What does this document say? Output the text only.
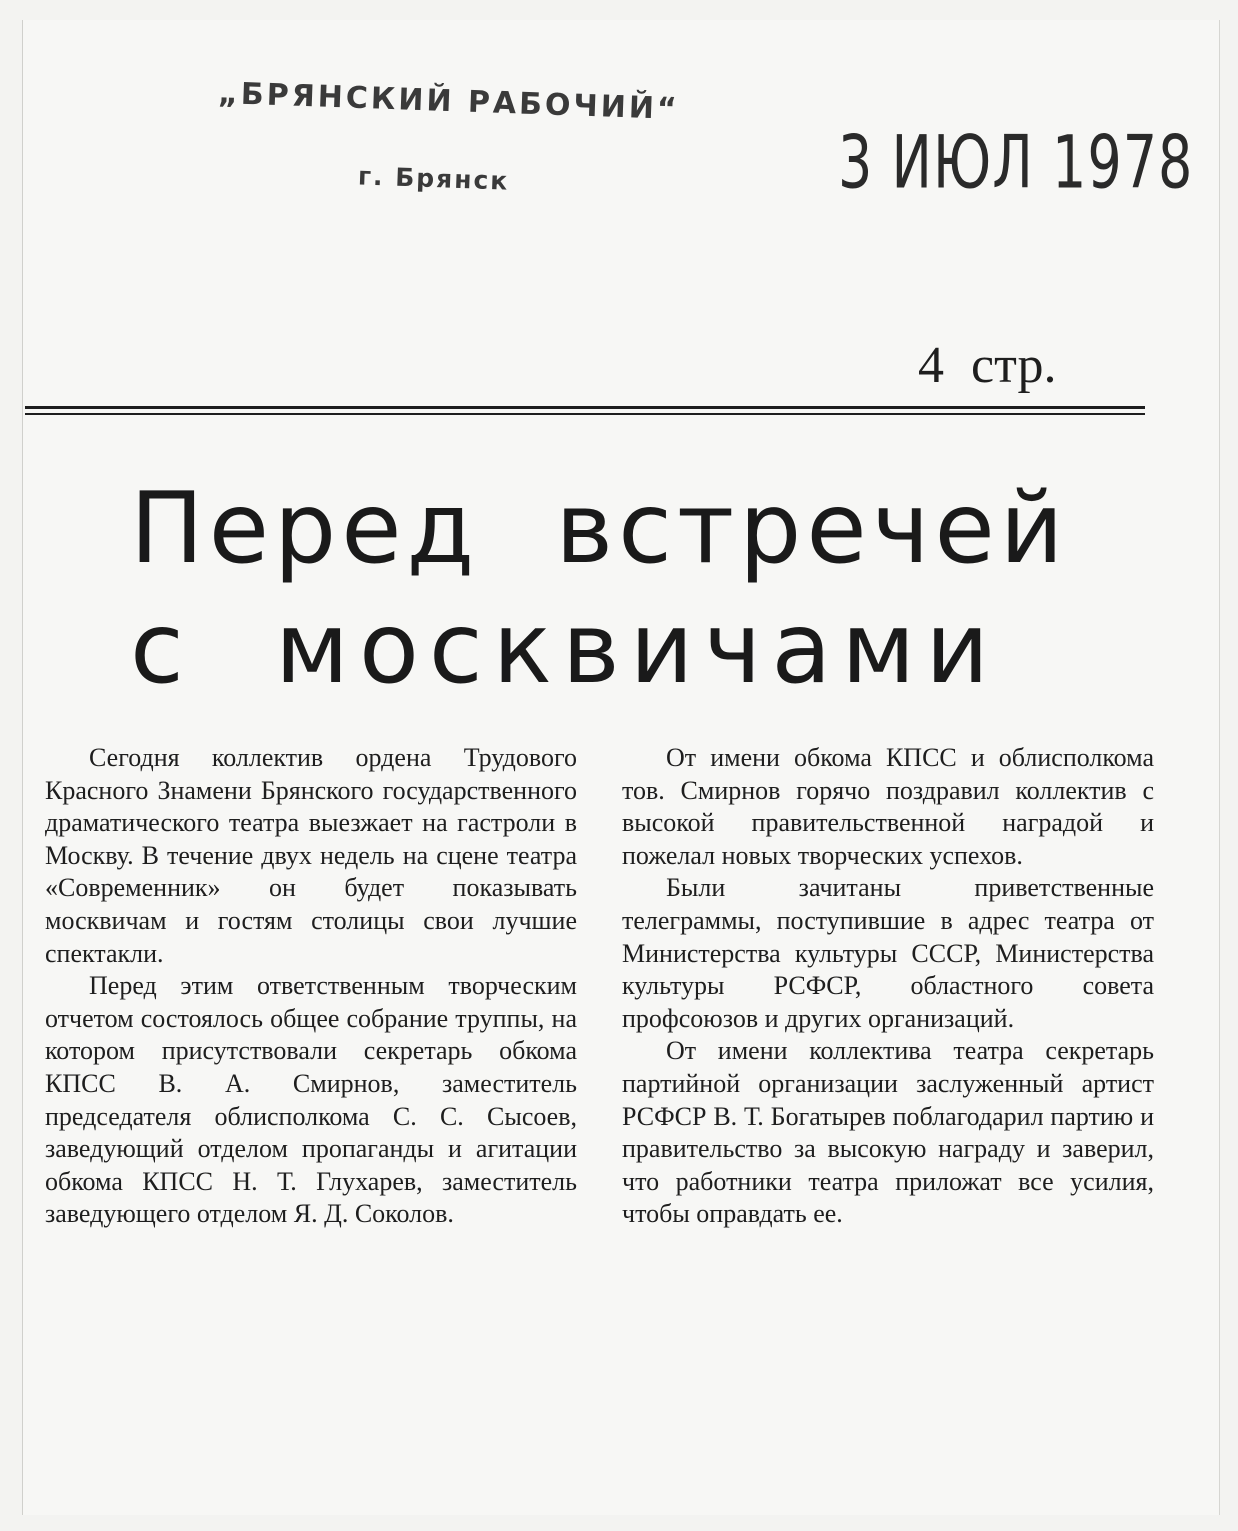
„БРЯНСКИЙ РАБОЧИЙ“
г. Брянск	3 ИЮЛ 1978
4 стр.
Перед встречей
с москвичами

Сегодня коллектив ордена Трудового Красного Знамени Брянского государственного драматического театра выезжает на гастроли в Москву. В течение двух недель на сцене театра «Современник» он будет показывать москвичам и гостям столицы свои лучшие спектакли.

Перед этим ответственным творческим отчетом состоялось общее собрание труппы, на котором присутствовали секретарь обкома КПСС В. А. Смирнов, заместитель председателя облисполкома С. С. Сысоев, заведующий отделом пропаганды и агитации обкома КПСС Н. Т. Глухарев, заместитель заведующего отделом Я. Д. Соколов.

От имени обкома КПСС и облисполкома тов. Смирнов горячо поздравил коллектив с высокой правительственной наградой и пожелал новых творческих успехов.

Были зачитаны приветственные телеграммы, поступившие в адрес театра от Министерства культуры СССР, Министерства культуры РСФСР, областного совета профсоюзов и других организаций.

От имени коллектива театра секретарь партийной организации заслуженный артист РСФСР В. Т. Богатырев поблагодарил партию и правительство за высокую награду и заверил, что работники театра приложат все усилия, чтобы оправдать ее.
